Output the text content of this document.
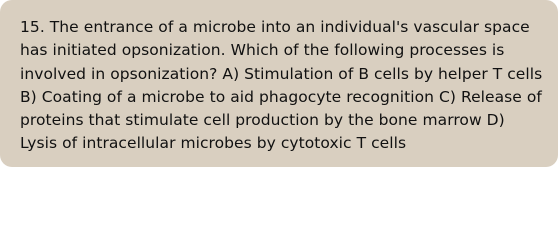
15. The entrance of a microbe into an individual's vascular space has initiated opsonization. Which of the following processes is involved in opsonization? A) Stimulation of B cells by helper T cells B) Coating of a microbe to aid phagocyte recognition C) Release of proteins that stimulate cell production by the bone marrow D) Lysis of intracellular microbes by cytotoxic T cells
